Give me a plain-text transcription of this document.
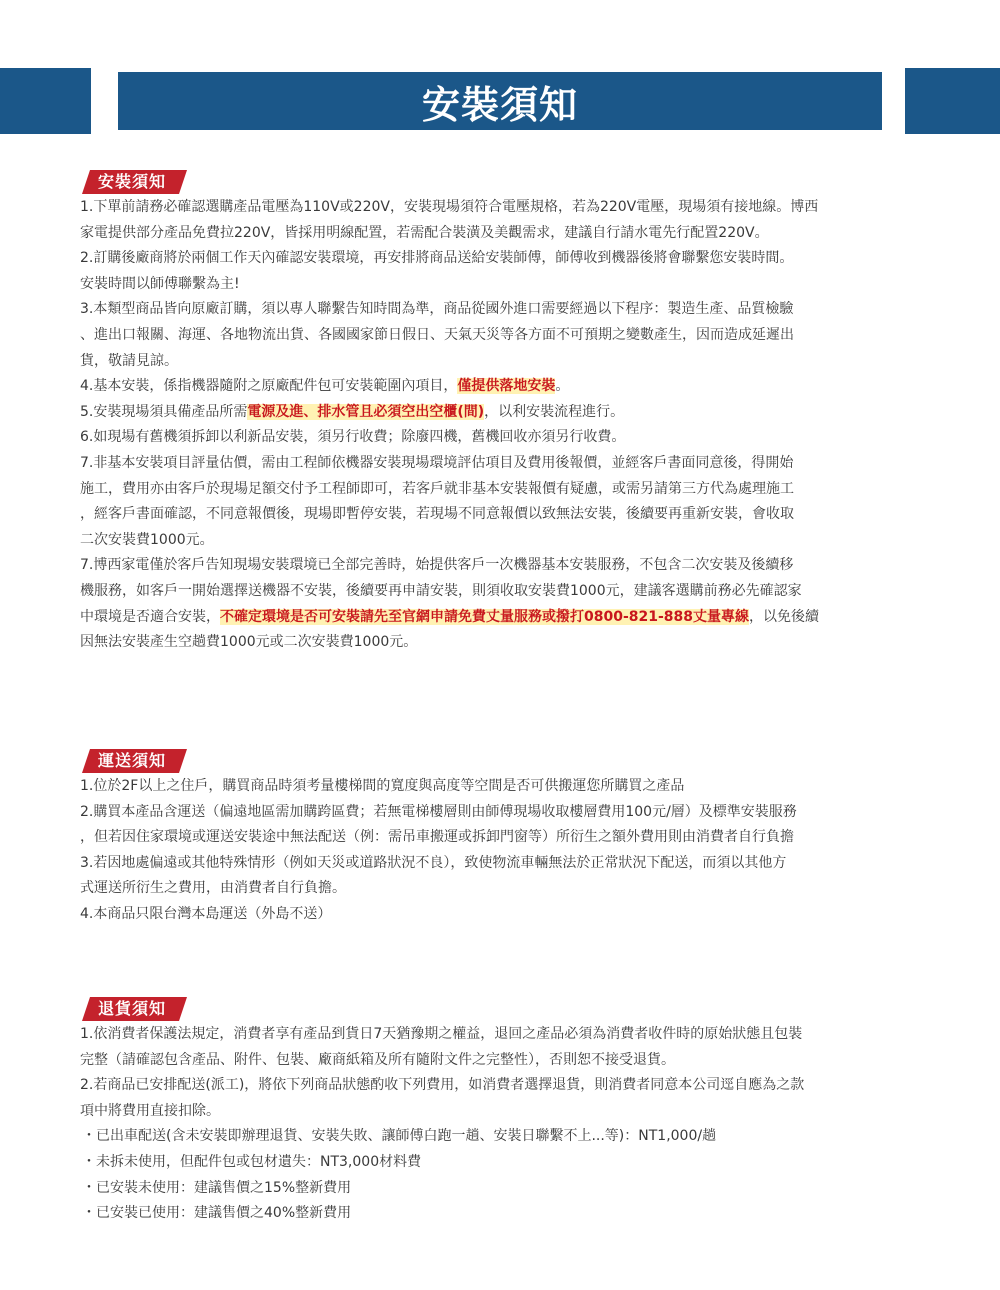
安裝須知
安裝須知
1.下單前請務必確認選購產品電壓為110V或220V，安裝現場須符合電壓規格，若為220V電壓，現場須有接地線。博西
家電提供部分產品免費拉220V，皆採用明線配置，若需配合裝潢及美觀需求，建議自行請水電先行配置220V。
2.訂購後廠商將於兩個工作天內確認安裝環境，再安排將商品送給安裝師傅，師傅收到機器後將會聯繫您安裝時間。
安裝時間以師傅聯繫為主!
3.本類型商品皆向原廠訂購，須以專人聯繫告知時間為準，商品從國外進口需要經過以下程序：製造生產、品質檢驗
、進出口報關、海運、各地物流出貨、各國國家節日假日、天氣天災等各方面不可預期之變數產生，因而造成延遲出
貨，敬請見諒。
4.基本安裝，係指機器隨附之原廠配件包可安裝範圍內項目，僅提供落地安裝。
5.安裝現場須具備產品所需電源及進、排水管且必須空出空櫃(間)，以利安裝流程進行。
6.如現場有舊機須拆卸以利新品安裝，須另行收費；除廢四機，舊機回收亦須另行收費。
7.非基本安裝項目評量估價，需由工程師依機器安裝現場環境評估項目及費用後報價，並經客戶書面同意後，得開始
施工，費用亦由客戶於現場足額交付予工程師即可，若客戶就非基本安裝報價有疑慮，或需另請第三方代為處理施工
，經客戶書面確認，不同意報價後，現場即暫停安裝，若現場不同意報價以致無法安裝，後續要再重新安裝，會收取
二次安裝費1000元。
7.博西家電僅於客戶告知現場安裝環境已全部完善時，始提供客戶一次機器基本安裝服務，不包含二次安裝及後續移
機服務，如客戶一開始選擇送機器不安裝，後續要再申請安裝，則須收取安裝費1000元，建議客選購前務必先確認家
中環境是否適合安裝，不確定環境是否可安裝請先至官網申請免費丈量服務或撥打0800-821-888丈量專線，以免後續
因無法安裝產生空趟費1000元或二次安裝費1000元。
運送須知
1.位於2F以上之住戶，購買商品時須考量樓梯間的寬度與高度等空間是否可供搬運您所購買之產品
2.購買本產品含運送（偏遠地區需加購跨區費；若無電梯樓層則由師傅現場收取樓層費用100元/層）及標準安裝服務
，但若因住家環境或運送安裝途中無法配送（例：需吊車搬運或拆卸門窗等）所衍生之額外費用則由消費者自行負擔
3.若因地處偏遠或其他特殊情形（例如天災或道路狀況不良），致使物流車輛無法於正常狀況下配送，而須以其他方
式運送所衍生之費用，由消費者自行負擔。
4.本商品只限台灣本島運送（外島不送）
退貨須知
1.依消費者保護法規定，消費者享有產品到貨日7天猶豫期之權益，退回之產品必須為消費者收件時的原始狀態且包裝
完整（請確認包含產品、附件、包裝、廠商紙箱及所有隨附文件之完整性），否則恕不接受退貨。
2.若商品已安排配送(派工)，將依下列商品狀態酌收下列費用，如消費者選擇退貨，則消費者同意本公司逕自應為之款
項中將費用直接扣除。
・已出車配送(含未安裝即辦理退貨、安裝失敗、讓師傅白跑一趟、安裝日聯繫不上...等)：NT1,000/趟
・未拆未使用，但配件包或包材遺失：NT3,000材料費
・已安裝未使用：建議售價之15%整新費用
・已安裝已使用：建議售價之40%整新費用
